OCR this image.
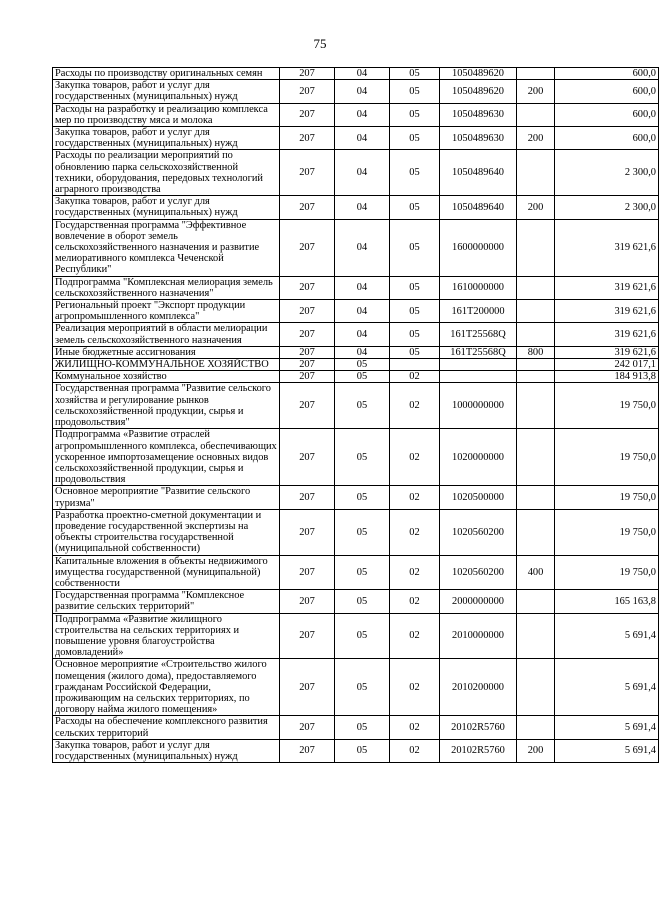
75
Расходы по производству оригинальных семян	207	04	05	1050489620		600,0
Закупка товаров, работ и услуг для государственных (муниципальных) нужд	207	04	05	1050489620	200	600,0
Расходы на разработку и реализацию комплекса мер по производству мяса и молока	207	04	05	1050489630		600,0
Закупка товаров, работ и услуг для государственных (муниципальных) нужд	207	04	05	1050489630	200	600,0
Расходы по реализации мероприятий по обновлению парка сельскохозяйственной техники, оборудования, передовых технологий аграрного производства	207	04	05	1050489640		2 300,0
Закупка товаров, работ и услуг для государственных (муниципальных) нужд	207	04	05	1050489640	200	2 300,0
Государственная программа "Эффективное вовлечение в оборот земель сельскохозяйственного назначения и развитие мелиоративного комплекса Чеченской Республики"	207	04	05	1600000000		319 621,6
Подпрограмма "Комплексная мелиорация земель сельскохозяйственного назначения"	207	04	05	1610000000		319 621,6
Региональный проект "Экспорт продукции агропромышленного комплекса"	207	04	05	161T200000		319 621,6
Реализация мероприятий в области мелиорации земель сельскохозяйственного назначения	207	04	05	161T25568Q		319 621,6
Иные бюджетные ассигнования	207	04	05	161T25568Q	800	319 621,6
ЖИЛИЩНО-КОММУНАЛЬНОЕ ХОЗЯЙСТВО	207	05				242 017,1
Коммунальное хозяйство	207	05	02			184 913,8
Государственная программа "Развитие сельского хозяйства и регулирование рынков сельскохозяйственной продукции, сырья и продовольствия"	207	05	02	1000000000		19 750,0
Подпрограмма «Развитие отраслей агропромышленного комплекса, обеспечивающих ускоренное импортозамещение основных видов сельскохозяйственной продукции, сырья и продовольствия	207	05	02	1020000000		19 750,0
Основное мероприятие "Развитие сельского туризма"	207	05	02	1020500000		19 750,0
Разработка проектно-сметной документации и проведение государственной экспертизы на объекты строительства государственной (муниципальной собственности)	207	05	02	1020560200		19 750,0
Капитальные вложения в объекты недвижимого имущества государственной (муниципальной) собственности	207	05	02	1020560200	400	19 750,0
Государственная программа "Комплексное развитие сельских территорий"	207	05	02	2000000000		165 163,8
Подпрограмма «Развитие жилищного строительства на сельских территориях и повышение уровня благоустройства домовладений»	207	05	02	2010000000		5 691,4
Основное мероприятие «Строительство жилого помещения (жилого дома), предоставляемого гражданам Российской Федерации, проживающим на сельских территориях, по договору найма жилого помещения»	207	05	02	2010200000		5 691,4
Расходы на обеспечение комплексного развития сельских территорий	207	05	02	20102R5760		5 691,4
Закупка товаров, работ и услуг для государственных (муниципальных) нужд	207	05	02	20102R5760	200	5 691,4
